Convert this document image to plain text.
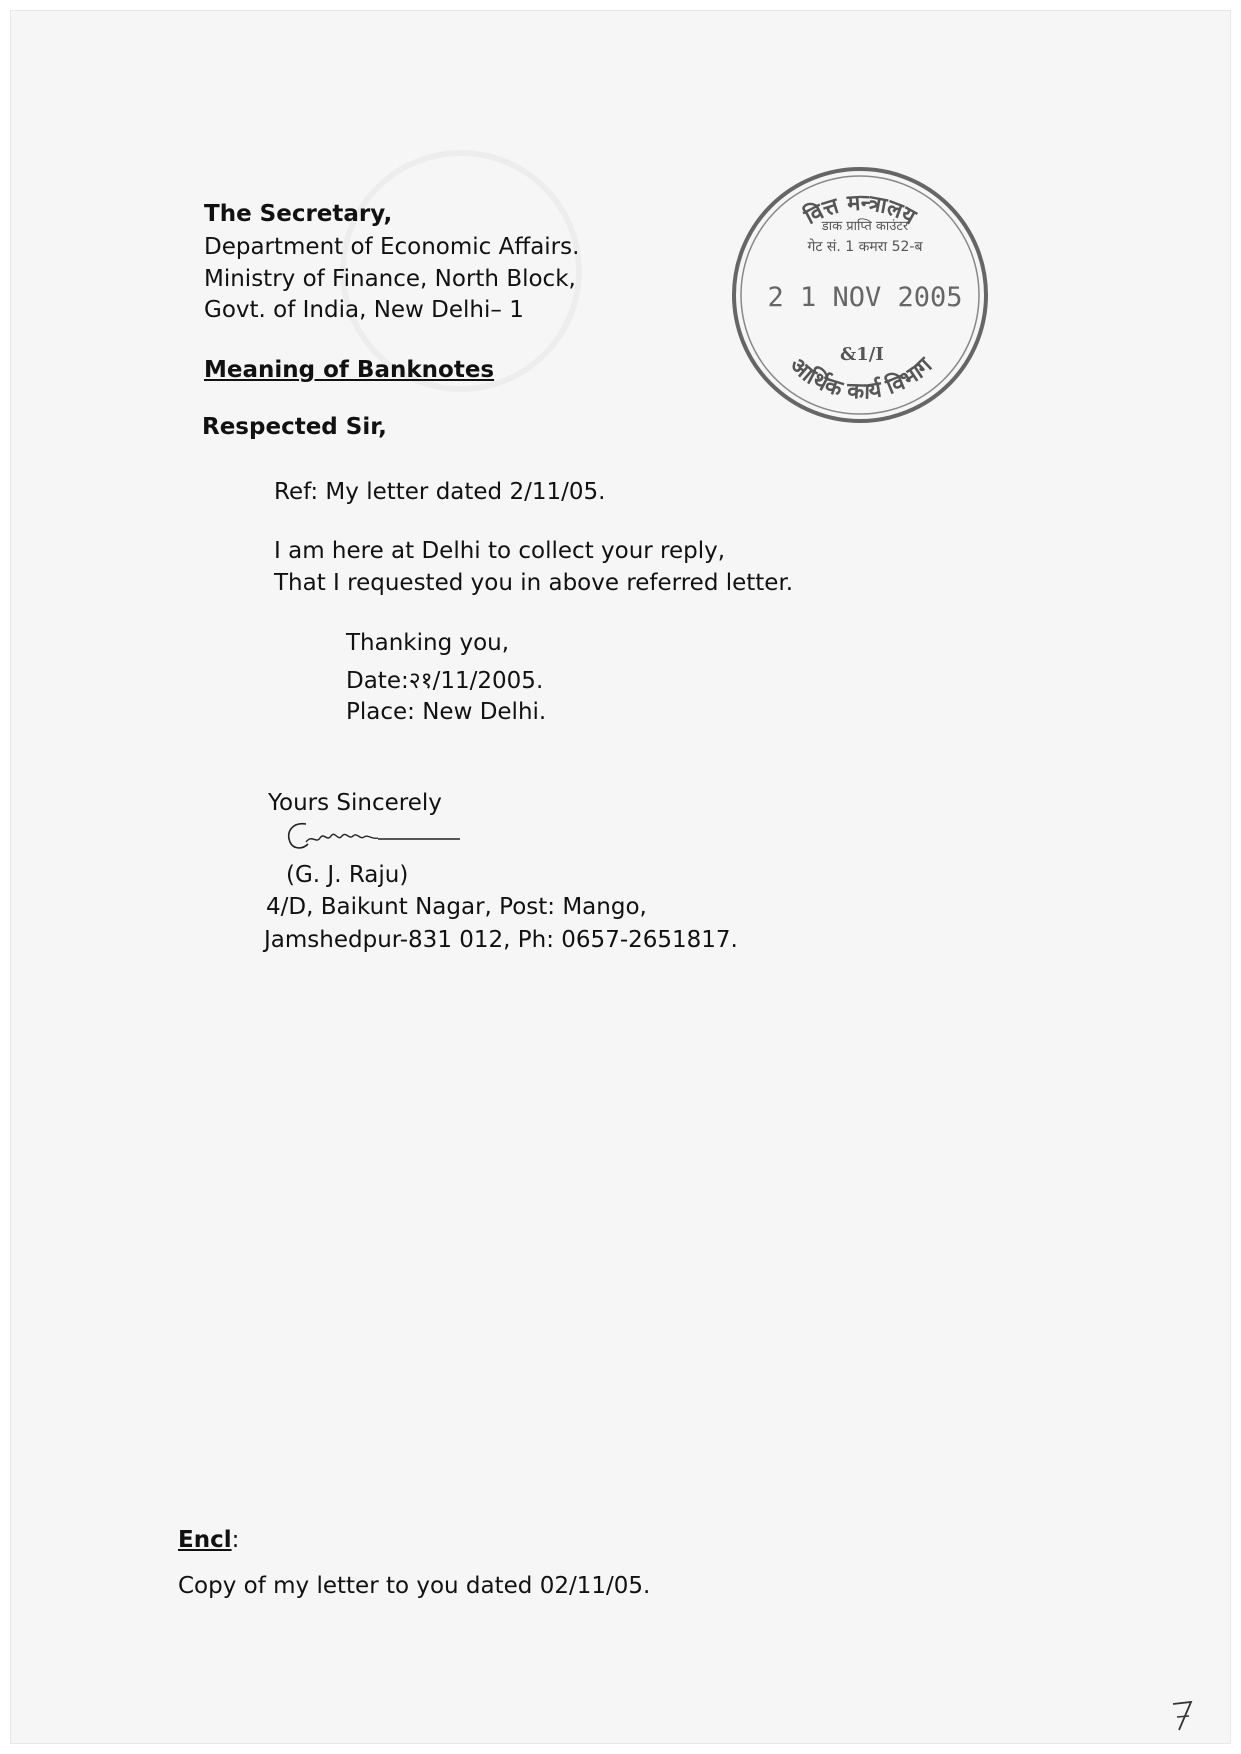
The Secretary,
Department of Economic Affairs.
Ministry of Finance, North Block,
Govt. of India, New Delhi– 1
Meaning of Banknotes
Respected Sir,
Ref: My letter dated 2/11/05.
I am here at Delhi to collect your reply,
That I requested you in above referred letter.
Thanking you,
Date:२१/11/2005.
Place: New Delhi.
Yours Sincerely
(G. J. Raju)
4/D, Baikunt Nagar, Post: Mango,
Jamshedpur-831 012, Ph: 0657-2651817.
Encl:
Copy of my letter to you dated 02/11/05.
वित्त मन्त्रालय
डाक प्राप्ति काउंटर
गेट सं. 1 कमरा 52-ब
2 1 NOV 2005
&1/I
आर्थिक कार्य विभाग
